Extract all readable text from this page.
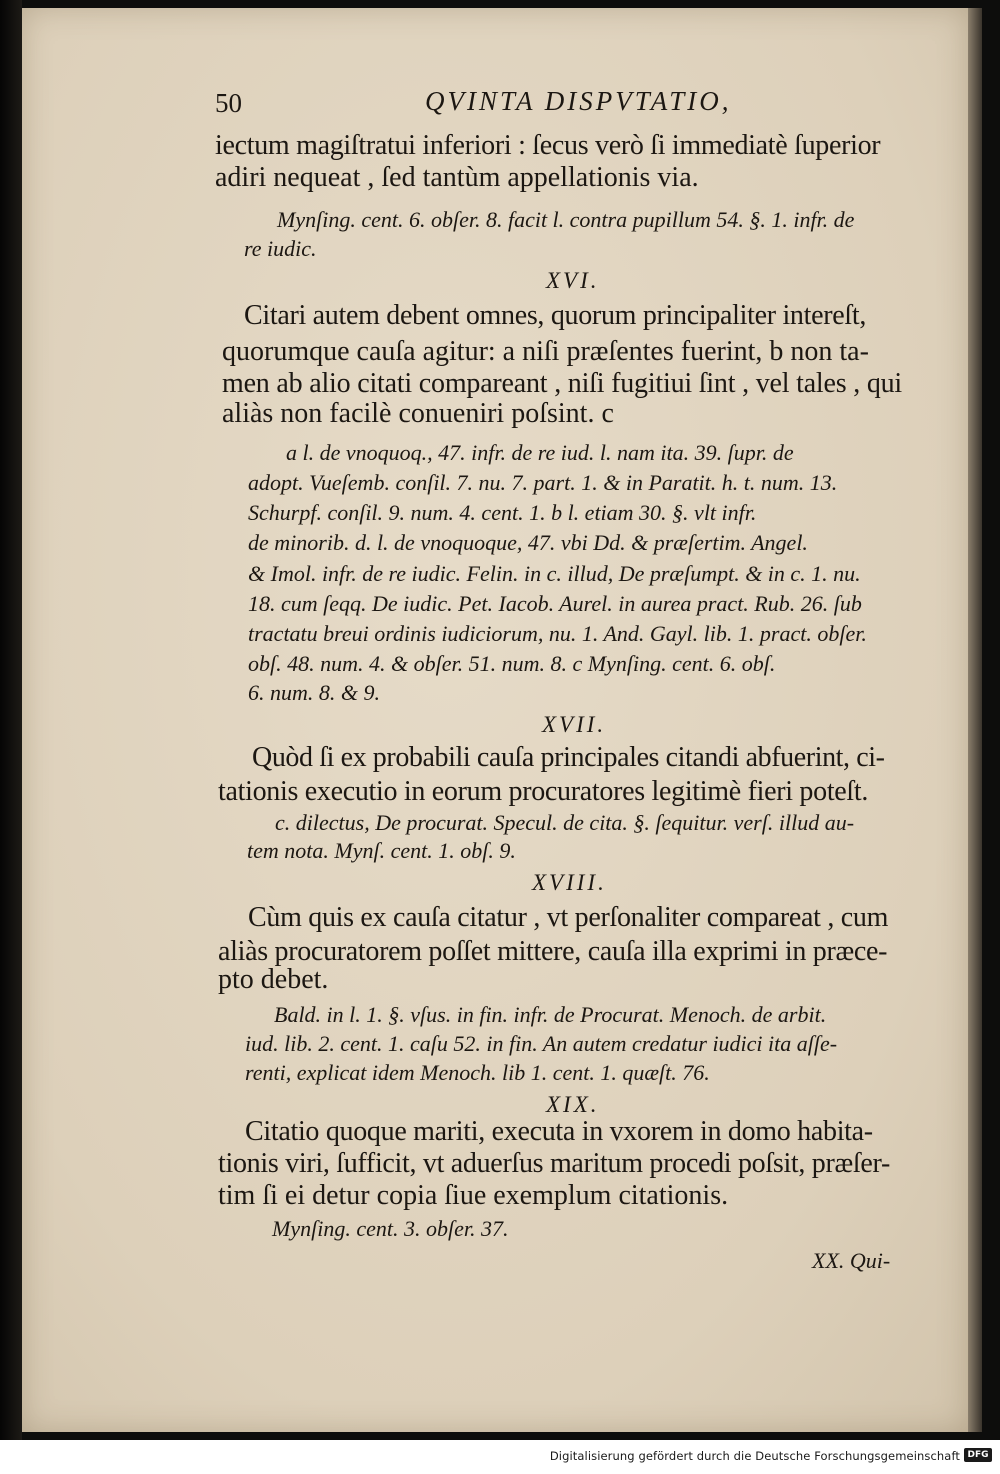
50	QVINTA DISPVTATIO,
iectum magiſtratui inferiori : ſecus verò ſi immediatè ſuperior
adiri nequeat , ſed tantùm appellationis via.
Mynſing. cent. 6. obſer. 8. facit l. contra pupillum 54. §. 1. infr. de
re iudic.
XVI.
Citari autem debent omnes, quorum principaliter intereſt,
quorumque cauſa agitur: a niſi præſentes fuerint, b non ta-
men ab alio citati compareant , niſi fugitiui ſint , vel tales , qui
aliàs non facilè conueniri poſsint. c
a l. de vnoquoq., 47. infr. de re iud. l. nam ita. 39. ſupr. de
adopt. Vueſemb. conſil. 7. nu. 7. part. 1. & in Paratit. h. t. num. 13.
Schurpf. conſil. 9. num. 4. cent. 1. b l. etiam 30. §. vlt infr.
de minorib. d. l. de vnoquoque, 47. vbi Dd. & præſertim. Angel.
& Imol. infr. de re iudic. Felin. in c. illud, De præſumpt. & in c. 1. nu.
18. cum ſeqq. De iudic. Pet. Iacob. Aurel. in aurea pract. Rub. 26. ſub
tractatu breui ordinis iudiciorum, nu. 1. And. Gayl. lib. 1. pract. obſer.
obſ. 48. num. 4. & obſer. 51. num. 8. c Mynſing. cent. 6. obſ.
6. num. 8. & 9.
XVII.
Quòd ſi ex probabili cauſa principales citandi abfuerint, ci-
tationis executio in eorum procuratores legitimè fieri poteſt.
c. dilectus, De procurat. Specul. de cita. §. ſequitur. verſ. illud au-
tem nota. Mynſ. cent. 1. obſ. 9.
XVIII.
Cùm quis ex cauſa citatur , vt perſonaliter compareat , cum
aliàs procuratorem poſſet mittere, cauſa illa exprimi in præce-
pto debet.
Bald. in l. 1. §. vſus. in fin. infr. de Procurat. Menoch. de arbit.
iud. lib. 2. cent. 1. caſu 52. in fin. An autem credatur iudici ita aſſe-
renti, explicat idem Menoch. lib 1. cent. 1. quæſt. 76.
XIX.
Citatio quoque mariti, executa in vxorem in domo habita-
tionis viri, ſufficit, vt aduerſus maritum procedi poſsit, præſer-
tim ſi ei detur copia ſiue exemplum citationis.
Mynſing. cent. 3. obſer. 37.
XX. Qui-
Digitalisierung gefördert durch die Deutsche Forschungsgemeinschaft DFG
